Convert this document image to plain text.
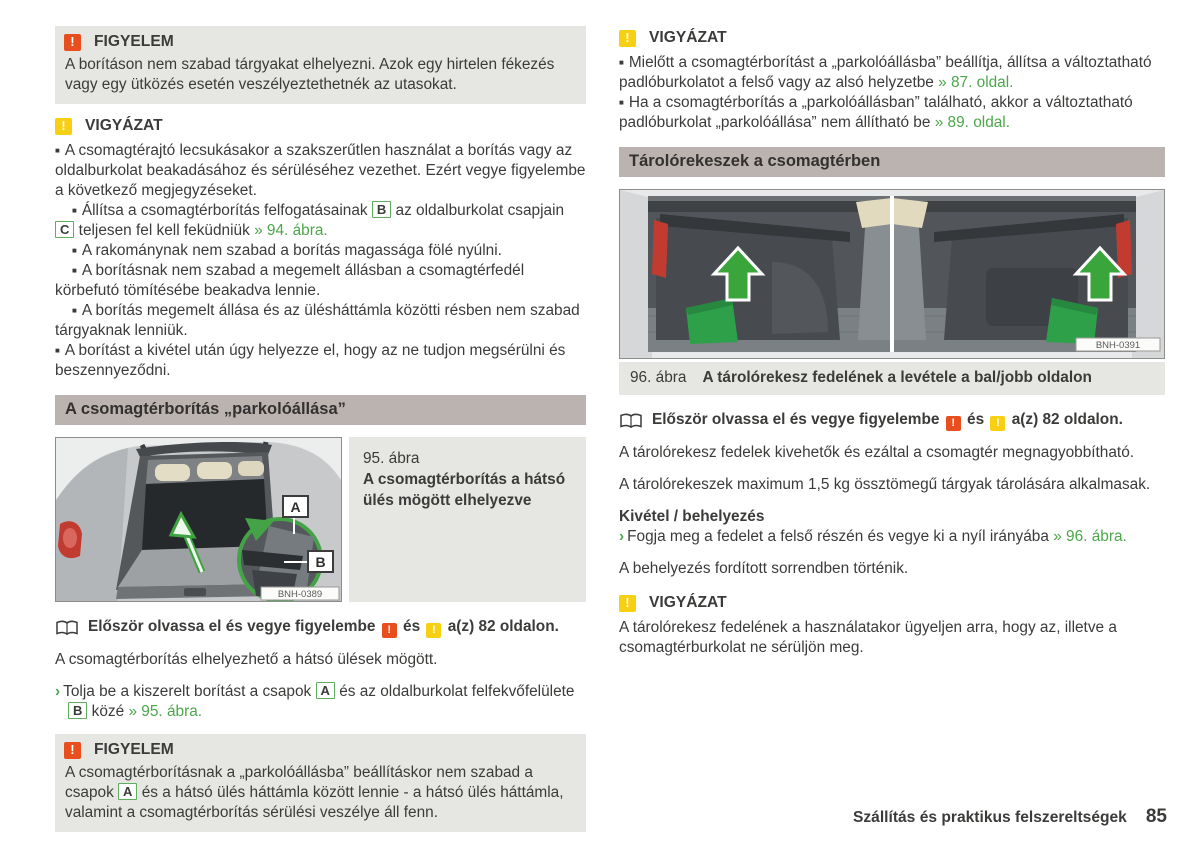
!	FIGYELEM

A borításon nem szabad tárgyakat elhelyezni. Azok egy hirtelen fékezés vagy egy ütközés esetén veszélyeztethetnék az utasokat.

!	VIGYÁZAT

■ A csomagtérajtó lecsukásakor a szakszerűtlen használat a borítás vagy az oldalburkolat beakadásához és sérüléséhez vezethet. Ezért vegye figyelembe a következő megjegyzéseket.

■ Állítsa a csomagtérborítás felfogatásainak B az oldalburkolat csapjain C teljesen fel kell feküdniük » 94. ábra.

■ A rakománynak nem szabad a borítás magassága fölé nyúlni.

■ A borításnak nem szabad a megemelt állásban a csomagtérfedél körbefutó tömítésébe beakadva lennie.

■ A borítás megemelt állása és az ülésháttámla közötti résben nem szabad tárgyaknak lenniük.

■ A borítást a kivétel után úgy helyezze el, hogy az ne tudjon megsérülni és beszennyeződni.

A csomagtérborítás „parkolóállása”
A
B
BNH-0389
95. ábra
A csomagtérborítás a hátsó ülés mögött elhelyezve
Először olvassa el és vegye figyelembe ! és ! a(z) 82 oldalon.

A csomagtérborítás elhelyezhető a hátsó ülések mögött.

› Tolja be a kiszerelt borítást a csapok A és az oldalburkolat felfekvőfelülete B közé » 95. ábra.

!	FIGYELEM

A csomagtérborításnak a „parkolóállásba” beállításkor nem szabad a csapok A és a hátsó ülés háttámla között lennie - a hátsó ülés háttámla, valamint a csomagtérborítás sérülési veszélye áll fenn.

!	VIGYÁZAT

■ Mielőtt a csomagtérborítást a „parkolóállásba” beállítja, állítsa a változtatható padlóburkolatot a felső vagy az alsó helyzetbe » 87. oldal.

■ Ha a csomagtérborítás a „parkolóállásban” található, akkor a változtatható padlóburkolat „parkolóállása” nem állítható be » 89. oldal.

Tárolórekeszek a csomagtérben
BNH-0391
96. ábra A tárolórekesz fedelének a levétele a bal/jobb oldalon
Először olvassa el és vegye figyelembe ! és ! a(z) 82 oldalon.

A tárolórekesz fedelek kivehetők és ezáltal a csomagtér megnagyobbítható.

A tárolórekeszek maximum 1,5 kg össztömegű tárgyak tárolására alkalmasak.

Kivétel / behelyezés

› Fogja meg a fedelet a felső részén és vegye ki a nyíl irányába » 96. ábra.

A behelyezés fordított sorrendben történik.

!	VIGYÁZAT

A tárolórekesz fedelének a használatakor ügyeljen arra, hogy az, illetve a csomagtérburkolat ne sérüljön meg.

Szállítás és praktikus felszereltségek 85
